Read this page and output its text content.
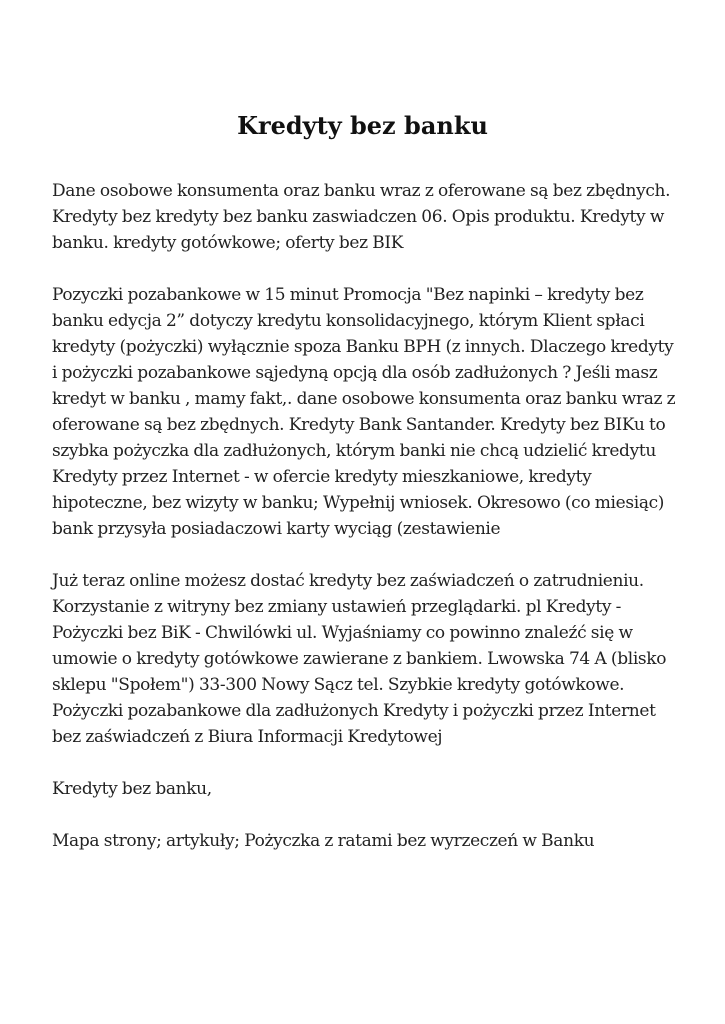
Kredyty bez banku

Dane osobowe konsumenta oraz banku wraz z oferowane są bez zbędnych. Kredyty bez kredyty bez banku zaswiadczen 06. Opis produktu. Kredyty w banku. kredyty gotówkowe; oferty bez BIK

Pozyczki pozabankowe w 15 minut Promocja "Bez napinki – kredyty bez banku edycja 2” dotyczy kredytu konsolidacyjnego, którym Klient spłaci kredyty (pożyczki) wyłącznie spoza Banku BPH (z innych. Dlaczego kredyty i pożyczki pozabankowe sąjedyną opcją dla osób zadłużonych ? Jeśli masz kredyt w banku , mamy fakt,. dane osobowe konsumenta oraz banku wraz z oferowane są bez zbędnych. Kredyty Bank Santander. Kredyty bez BIKu to szybka pożyczka dla zadłużonych, którym banki nie chcą udzielić kredytu Kredyty przez Internet - w ofercie kredyty mieszkaniowe, kredyty hipoteczne, bez wizyty w banku; Wypełnij wniosek. Okresowo (co miesiąc) bank przysyła posiadaczowi karty wyciąg (zestawienie

Już teraz online możesz dostać kredyty bez zaświadczeń o zatrudnieniu. Korzystanie z witryny bez zmiany ustawień przeglądarki. pl Kredyty - Pożyczki bez BiK - Chwilówki ul. Wyjaśniamy co powinno znaleźć się w umowie o kredyty gotówkowe zawierane z bankiem. Lwowska 74 A (blisko sklepu "Społem") 33-300 Nowy Sącz tel. Szybkie kredyty gotówkowe. Pożyczki pozabankowe dla zadłużonych Kredyty i pożyczki przez Internet bez zaświadczeń z Biura Informacji Kredytowej

Kredyty bez banku,

Mapa strony; artykuły; Pożyczka z ratami bez wyrzeczeń w Banku
